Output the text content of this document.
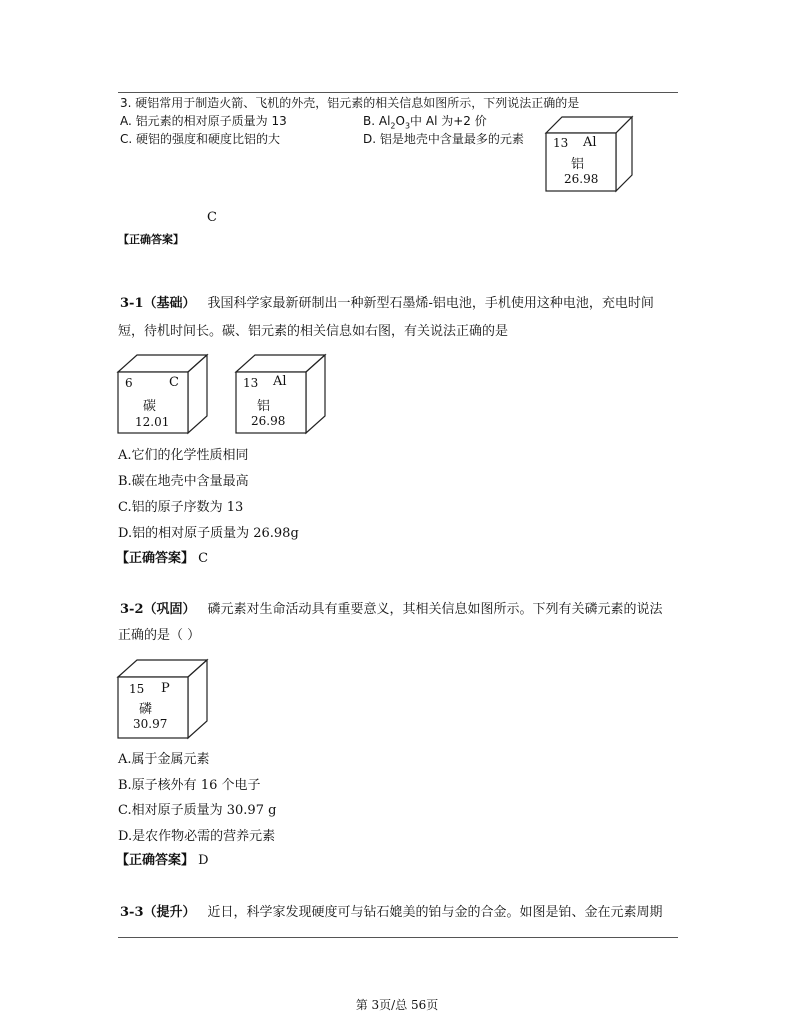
3. 硬铝常用于制造火箭、飞机的外壳，铝元素的相关信息如图所示，下列说法正确的是
A. 铝元素的相对原子质量为 13	B. $Al_2O_3$中 Al 为+2 价
C. 硬铝的强度和硬度比铝的大	D. 铝是地壳中含量最多的元素 13 Al
铝
26.98
C
【正确答案】
3-1（基础） 我国科学家最新研制出一种新型石墨烯-铝电池，手机使用这种电池，充电时间
短，待机时间长。碳、铝元素的相关信息如右图，有关说法正确的是
6	C
碳
12.01
13 Al
铝
26.98
A.它们的化学性质相同
B.碳在地壳中含量最高
C.铝的原子序数为 13
D.铝的相对原子质量为 26.98g
【正确答案】 C
3-2（巩固） 磷元素对生命活动具有重要意义，其相关信息如图所示。下列有关磷元素的说法
正确的是（ ）
15 P
磷
30.97
A.属于金属元素
B.原子核外有 16 个电子
C.相对原子质量为 30.97 g
D.是农作物必需的营养元素
【正确答案】 D
3-3（提升） 近日，科学家发现硬度可与钻石媲美的铂与金的合金。如图是铂、金在元素周期
第 3页/总 56页
